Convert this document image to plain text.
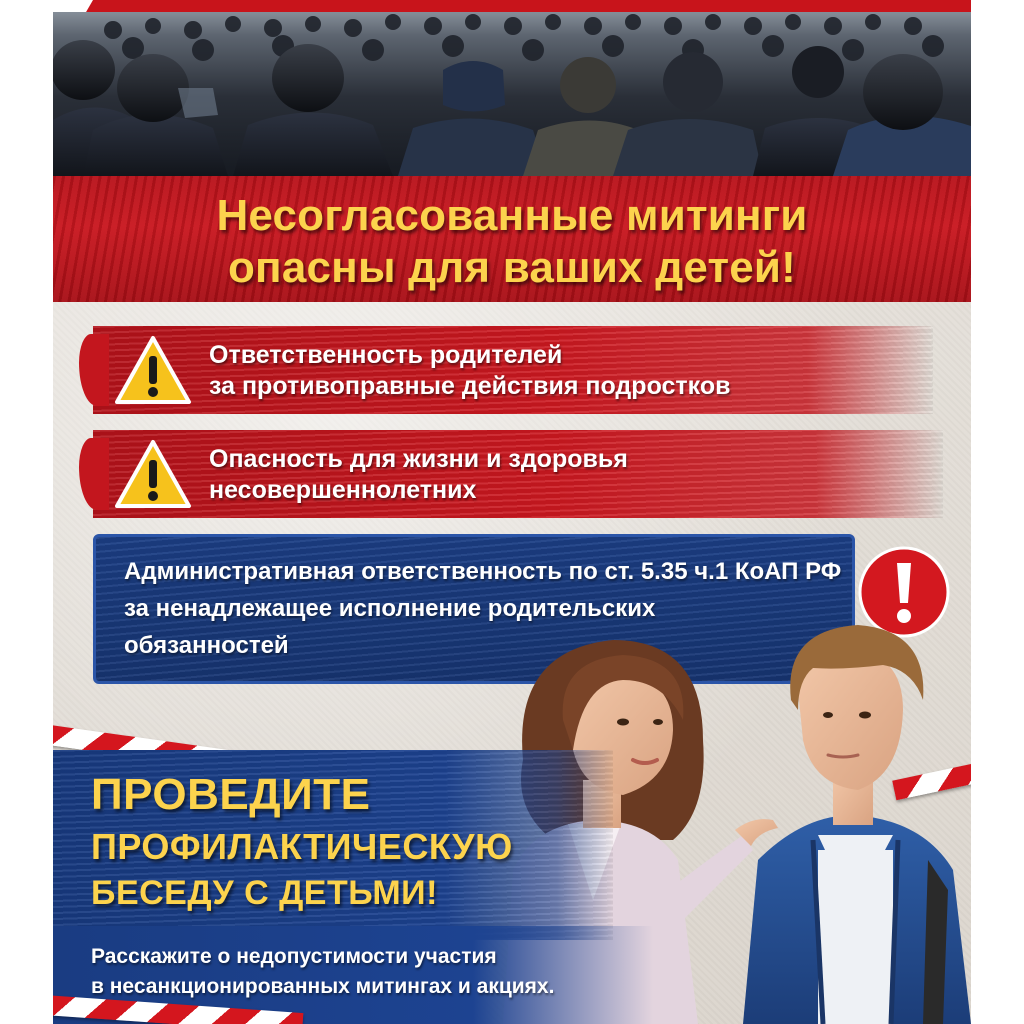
Несогласованные митинги
опасны для ваших детей!
Ответственность родителей
за противоправные действия подростков
Опасность для жизни и здоровья
несовершеннолетних
Административная ответственность по ст. 5.35 ч.1 КоАП РФ
за ненадлежащее исполнение родительских
обязанностей
ПРОВЕДИТЕ
ПРОФИЛАКТИЧЕСКУЮ
БЕСЕДУ С ДЕТЬМИ!
Расскажите о недопустимости участия
в несанкционированных митингах и акциях.
